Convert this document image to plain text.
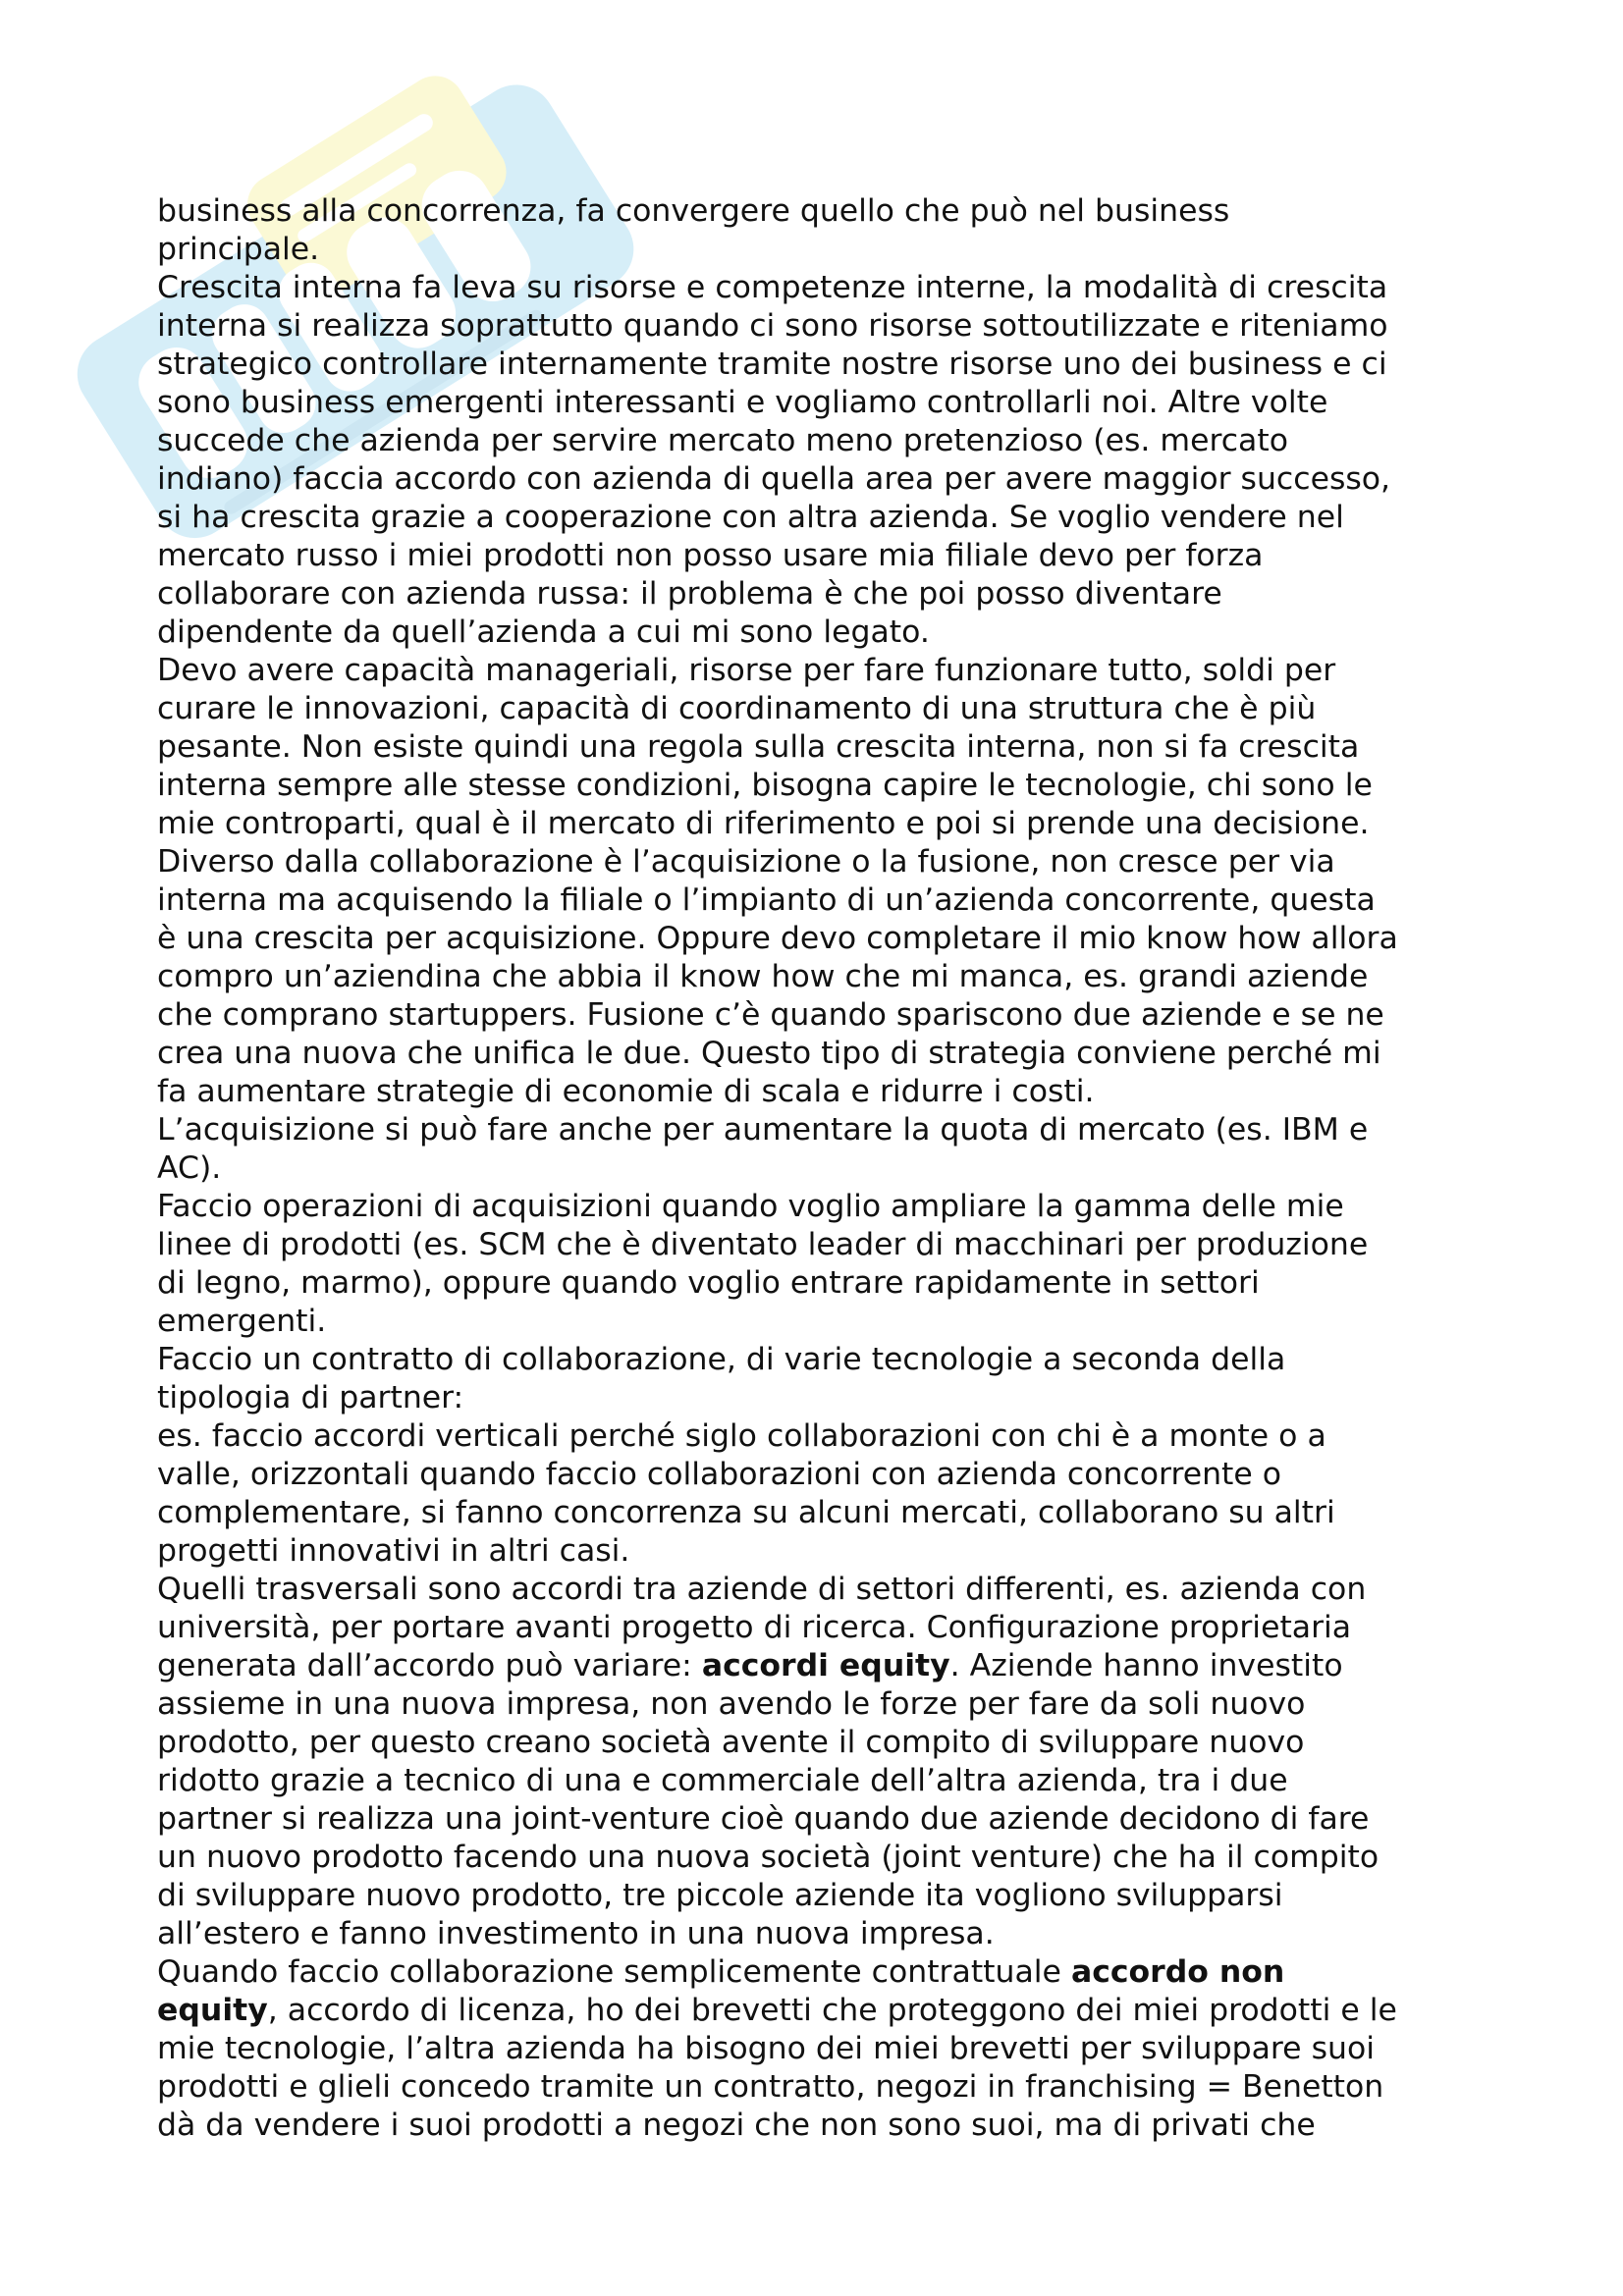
business alla concorrenza, fa convergere quello che può nel business
principale.
Crescita interna fa leva su risorse e competenze interne, la modalità di crescita
interna si realizza soprattutto quando ci sono risorse sottoutilizzate e riteniamo
strategico controllare internamente tramite nostre risorse uno dei business e ci
sono business emergenti interessanti e vogliamo controllarli noi. Altre volte
succede che azienda per servire mercato meno pretenzioso (es. mercato
indiano) faccia accordo con azienda di quella area per avere maggior successo,
si ha crescita grazie a cooperazione con altra azienda. Se voglio vendere nel
mercato russo i miei prodotti non posso usare mia filiale devo per forza
collaborare con azienda russa: il problema è che poi posso diventare
dipendente da quell’azienda a cui mi sono legato.
Devo avere capacità manageriali, risorse per fare funzionare tutto, soldi per
curare le innovazioni, capacità di coordinamento di una struttura che è più
pesante. Non esiste quindi una regola sulla crescita interna, non si fa crescita
interna sempre alle stesse condizioni, bisogna capire le tecnologie, chi sono le
mie controparti, qual è il mercato di riferimento e poi si prende una decisione.
Diverso dalla collaborazione è l’acquisizione o la fusione, non cresce per via
interna ma acquisendo la filiale o l’impianto di un’azienda concorrente, questa
è una crescita per acquisizione. Oppure devo completare il mio know how allora
compro un’aziendina che abbia il know how che mi manca, es. grandi aziende
che comprano startuppers. Fusione c’è quando spariscono due aziende e se ne
crea una nuova che unifica le due. Questo tipo di strategia conviene perché mi
fa aumentare strategie di economie di scala e ridurre i costi.
L’acquisizione si può fare anche per aumentare la quota di mercato (es. IBM e
AC).
Faccio operazioni di acquisizioni quando voglio ampliare la gamma delle mie
linee di prodotti (es. SCM che è diventato leader di macchinari per produzione
di legno, marmo), oppure quando voglio entrare rapidamente in settori
emergenti.
Faccio un contratto di collaborazione, di varie tecnologie a seconda della
tipologia di partner:
es. faccio accordi verticali perché siglo collaborazioni con chi è a monte o a
valle, orizzontali quando faccio collaborazioni con azienda concorrente o
complementare, si fanno concorrenza su alcuni mercati, collaborano su altri
progetti innovativi in altri casi.
Quelli trasversali sono accordi tra aziende di settori differenti, es. azienda con
università, per portare avanti progetto di ricerca. Configurazione proprietaria
generata dall’accordo può variare: accordi equity. Aziende hanno investito
assieme in una nuova impresa, non avendo le forze per fare da soli nuovo
prodotto, per questo creano società avente il compito di sviluppare nuovo
ridotto grazie a tecnico di una e commerciale dell’altra azienda, tra i due
partner si realizza una joint-venture cioè quando due aziende decidono di fare
un nuovo prodotto facendo una nuova società (joint venture) che ha il compito
di sviluppare nuovo prodotto, tre piccole aziende ita vogliono svilupparsi
all’estero e fanno investimento in una nuova impresa.
Quando faccio collaborazione semplicemente contrattuale accordo non
equity, accordo di licenza, ho dei brevetti che proteggono dei miei prodotti e le
mie tecnologie, l’altra azienda ha bisogno dei miei brevetti per sviluppare suoi
prodotti e glieli concedo tramite un contratto, negozi in franchising = Benetton
dà da vendere i suoi prodotti a negozi che non sono suoi, ma di privati che
